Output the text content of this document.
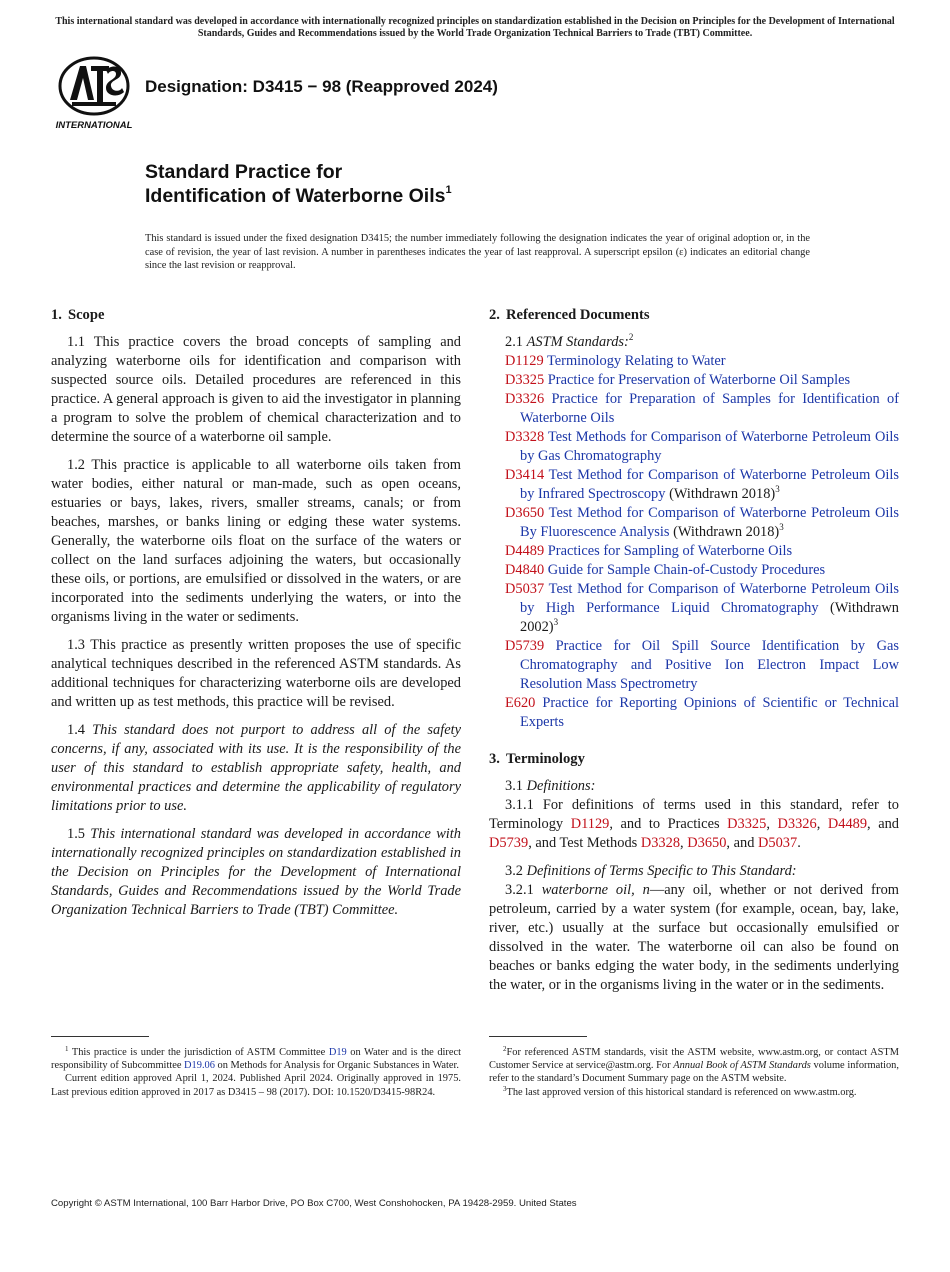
This international standard was developed in accordance with internationally recognized principles on standardization established in the Decision on Principles for the Development of International Standards, Guides and Recommendations issued by the World Trade Organization Technical Barriers to Trade (TBT) Committee.
INTERNATIONAL
Designation: D3415 − 98 (Reapproved 2024)
Standard Practice for
Identification of Waterborne Oils$^1$
This standard is issued under the fixed designation D3415; the number immediately following the designation indicates the year of original adoption or, in the case of revision, the year of last revision. A number in parentheses indicates the year of last reapproval. A superscript epsilon (ε) indicates an editorial change since the last revision or reapproval.
1. Scope

1.1 This practice covers the broad concepts of sampling and analyzing waterborne oils for identification and comparison with suspected source oils. Detailed procedures are referenced in this practice. A general approach is given to aid the investigator in planning a program to solve the problem of chemical characterization and to determine the source of a waterborne oil sample.

1.2 This practice is applicable to all waterborne oils taken from water bodies, either natural or man-made, such as open oceans, estuaries or bays, lakes, rivers, smaller streams, canals; or from beaches, marshes, or banks lining or edging these water systems. Generally, the waterborne oils float on the surface of the waters or collect on the land surfaces adjoining the waters, but occasionally these oils, or portions, are emulsified or dissolved in the waters, or are incorporated into the sediments underlying the waters, or into the organisms living in the water or sediments.

1.3 This practice as presently written proposes the use of specific analytical techniques described in the referenced ASTM standards. As additional techniques for characterizing waterborne oils are developed and written up as test methods, this practice will be revised.

1.4 This standard does not purport to address all of the safety concerns, if any, associated with its use. It is the responsibility of the user of this standard to establish appropriate safety, health, and environmental practices and determine the applicability of regulatory limitations prior to use.

1.5 This international standard was developed in accordance with internationally recognized principles on standardization established in the Decision on Principles for the Development of International Standards, Guides and Recommendations issued by the World Trade Organization Technical Barriers to Trade (TBT) Committee.

2. Referenced Documents
2.1 ASTM Standards:$^2$
D1129 Terminology Relating to Water
D3325 Practice for Preservation of Waterborne Oil Samples
D3326 Practice for Preparation of Samples for Identification of Waterborne Oils
D3328 Test Methods for Comparison of Waterborne Petroleum Oils by Gas Chromatography
D3414 Test Method for Comparison of Waterborne Petroleum Oils by Infrared Spectroscopy (Withdrawn 2018)$^3$
D3650 Test Method for Comparison of Waterborne Petroleum Oils By Fluorescence Analysis (Withdrawn 2018)$^3$
D4489 Practices for Sampling of Waterborne Oils
D4840 Guide for Sample Chain-of-Custody Procedures
D5037 Test Method for Comparison of Waterborne Petroleum Oils by High Performance Liquid Chromatography (Withdrawn 2002)$^3$
D5739 Practice for Oil Spill Source Identification by Gas Chromatography and Positive Ion Electron Impact Low Resolution Mass Spectrometry
E620 Practice for Reporting Opinions of Scientific or Technical Experts
3. Terminology
3.1 Definitions:

3.1.1 For definitions of terms used in this standard, refer to Terminology D1129, and to Practices D3325, D3326, D4489, and D5739, and Test Methods D3328, D3650, and D5037.

3.2 Definitions of Terms Specific to This Standard:

3.2.1 waterborne oil, n—any oil, whether or not derived from petroleum, carried by a water system (for example, ocean, bay, lake, river, etc.) usually at the surface but occasionally emulsified or dissolved in the water. The waterborne oil can also be found on beaches or banks edging the water body, in the sediments underlying the water, or in the organisms living in the water or in the sediments.

$^1$ This practice is under the jurisdiction of ASTM Committee D19 on Water and is the direct responsibility of Subcommittee D19.06 on Methods for Analysis for Organic Substances in Water.

Current edition approved April 1, 2024. Published April 2024. Originally approved in 1975. Last previous edition approved in 2017 as D3415 – 98 (2017). DOI: 10.1520/D3415-98R24.

$^2$For referenced ASTM standards, visit the ASTM website, www.astm.org, or contact ASTM Customer Service at service@astm.org. For Annual Book of ASTM Standards volume information, refer to the standard’s Document Summary page on the ASTM website.

$^3$The last approved version of this historical standard is referenced on www.astm.org.

Copyright © ASTM International, 100 Barr Harbor Drive, PO Box C700, West Conshohocken, PA 19428-2959. United States
